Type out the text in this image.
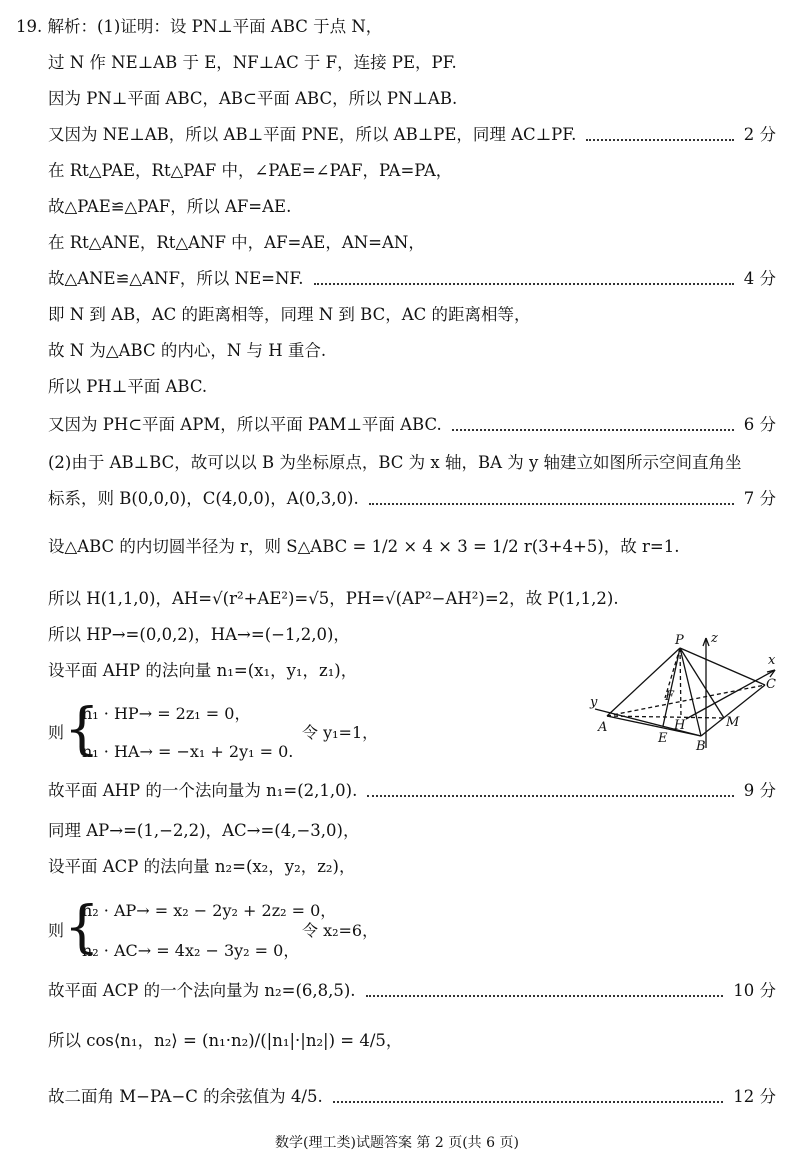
19. 解析：(1)证明：设 PN⊥平面 ABC 于点 N，
过 N 作 NE⊥AB 于 E，NF⊥AC 于 F，连接 PE，PF.
因为 PN⊥平面 ABC，AB⊂平面 ABC，所以 PN⊥AB.
又因为 NE⊥AB，所以 AB⊥平面 PNE，所以 AB⊥PE，同理 AC⊥PF.	2 分
在 Rt△PAE，Rt△PAF 中，∠PAE=∠PAF，PA=PA，
故△PAE≌△PAF，所以 AF=AE.
在 Rt△ANE，Rt△ANF 中，AF=AE，AN=AN，
故△ANE≌△ANF，所以 NE=NF.	4 分
即 N 到 AB，AC 的距离相等，同理 N 到 BC，AC 的距离相等，
故 N 为△ABC 的内心，N 与 H 重合.
所以 PH⊥平面 ABC.
又因为 PH⊂平面 APM，所以平面 PAM⊥平面 ABC.	6 分
(2)由于 AB⊥BC，故可以以 B 为坐标原点，BC 为 x 轴，BA 为 y 轴建立如图所示空间直角坐
标系，则 B(0,0,0)，C(4,0,0)，A(0,3,0).	7 分
设△ABC 的内切圆半径为 r，则 S△ABC = 1/2 × 4 × 3 = 1/2 r(3+4+5)，故 r=1.
所以 H(1,1,0)，AH=√(r²+AE²)=√5，PH=√(AP²−AH²)=2，故 P(1,1,2).
所以 HP→=(0,0,2)，HA→=(−1,2,0)，
设平面 AHP 的法向量 n₁=(x₁，y₁，z₁)，
则 {
n₁ · HP→ = 2z₁ = 0，
n₁ · HA→ = −x₁ + 2y₁ = 0.
令 y₁=1，
P z
x
C
F
y
A	H	M
E
B
故平面 AHP 的一个法向量为 n₁=(2,1,0).	9 分
同理 AP→=(1,−2,2)，AC→=(4,−3,0)，
设平面 ACP 的法向量 n₂=(x₂，y₂，z₂)，
则 {
n₂ · AP→ = x₂ − 2y₂ + 2z₂ = 0，
n₂ · AC→ = 4x₂ − 3y₂ = 0，
令 x₂=6，
故平面 ACP 的一个法向量为 n₂=(6,8,5).	10 分
所以 cos⟨n₁，n₂⟩ = (n₁·n₂)/(|n₁|·|n₂|) = 4/5，
故二面角 M−PA−C 的余弦值为 4/5.	12 分
数学(理工类)试题答案 第 2 页(共 6 页)
